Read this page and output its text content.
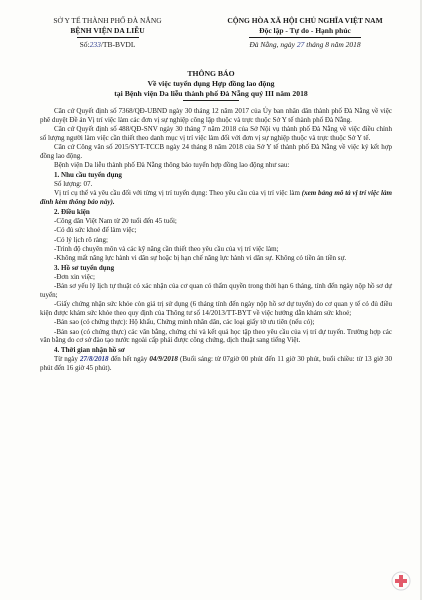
SỞ Y TẾ THÀNH PHỐ ĐÀ NẴNG
BỆNH VIỆN DA LIỄU
Số:233/TB-BVDL
CỘNG HÒA XÃ HỘI CHỦ NGHĨA VIỆT NAM
Độc lập - Tự do - Hạnh phúc
Đà Nẵng, ngày 27 tháng 8 năm 2018
THÔNG BÁO
Về việc tuyển dụng Hợp đồng lao động
tại Bệnh viện Da liễu thành phố Đà Nẵng quý III năm 2018

Căn cứ Quyết định số 7368/QĐ-UBND ngày 30 tháng 12 năm 2017 của Ủy ban nhân dân thành phố Đà Nẵng về việc phê duyệt Đề án Vị trí việc làm các đơn vị sự nghiệp công lập thuộc và trực thuộc Sở Y tế thành phố Đà Nẵng.

Căn cứ Quyết định số 488/QĐ-SNV ngày 30 tháng 7 năm 2018 của Sở Nội vụ thành phố Đà Nẵng về việc điều chỉnh số lượng người làm việc cần thiết theo danh mục vị trí việc làm đối với đơn vị sự nghiệp thuộc và trực thuộc Sở Y tế.

Căn cứ Công văn số 2015/SYT-TCCB ngày 24 tháng 8 năm 2018 của Sở Y tế thành phố Đà Nẵng về việc ký kết hợp đồng lao động.

Bệnh viện Da liễu thành phố Đà Nẵng thông báo tuyển hợp đồng lao động như sau:

1. Nhu cầu tuyển dụng

Số lượng: 07.

Vị trí cụ thể và yêu cầu đối với từng vị trí tuyển dụng: Theo yêu cầu của vị trí việc làm (xem bảng mô tả vị trí việc làm đính kèm thông báo này).

2. Điều kiện

-Công dân Việt Nam từ 20 tuổi đến 45 tuổi;

-Có đủ sức khoẻ để làm việc;

-Có lý lịch rõ ràng;

-Trình độ chuyên môn và các kỹ năng cần thiết theo yêu cầu của vị trí việc làm;

-Không mất năng lực hành vi dân sự hoặc bị hạn chế năng lực hành vi dân sự. Không có tiền án tiền sự.

3. Hồ sơ tuyển dụng

-Đơn xin việc;

-Bản sơ yếu lý lịch tự thuật có xác nhận của cơ quan có thẩm quyền trong thời hạn 6 tháng, tính đến ngày nộp hồ sơ dự tuyển;

-Giấy chứng nhận sức khỏe còn giá trị sử dụng (6 tháng tính đến ngày nộp hồ sơ dự tuyển) do cơ quan y tế có đủ điều kiện được khám sức khỏe theo quy định của Thông tư số 14/2013/TT-BYT về việc hướng dẫn khám sức khoẻ;

-Bản sao (có chứng thực): Hộ khẩu, Chứng minh nhân dân, các loại giấy tờ ưu tiên (nếu có);

-Bản sao (có chứng thực) các văn bằng, chứng chỉ và kết quả học tập theo yêu cầu của vị trí dự tuyển. Trường hợp các văn bằng do cơ sở đào tạo nước ngoài cấp phải được công chứng, dịch thuật sang tiếng Việt.

4. Thời gian nhận hồ sơ

Từ ngày 27/8/2018 đến hết ngày 04/9/2018 (Buổi sáng: từ 07giờ 00 phút đến 11 giờ 30 phút, buổi chiều: từ 13 giờ 30 phút đến 16 giờ 45 phút).
